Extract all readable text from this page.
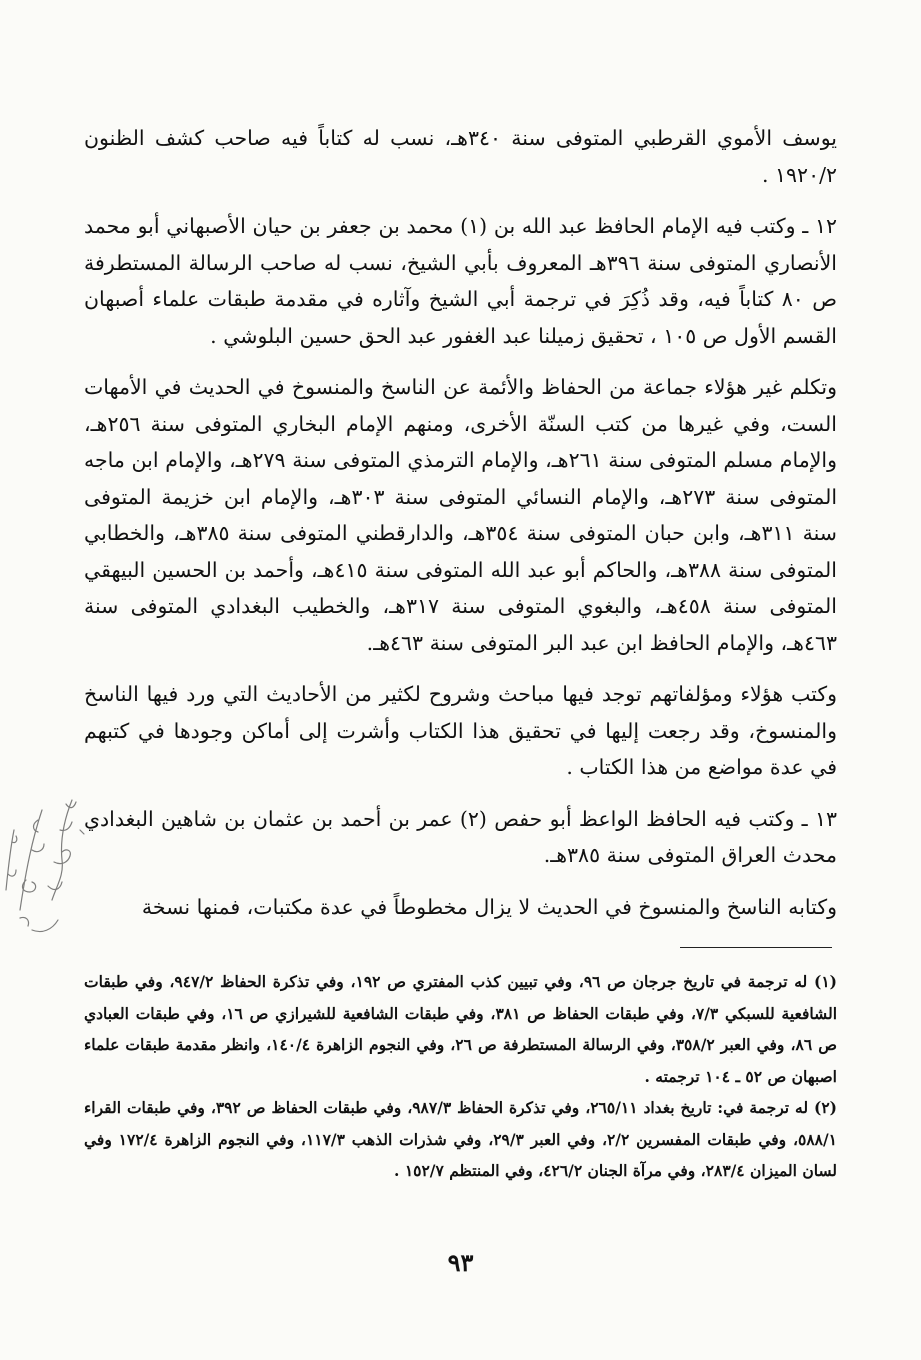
يوسف الأموي القرطبي المتوفى سنة ٣٤٠هـ، نسب له كتاباً فيه صاحب كشف الظنون ١٩٢٠/٢ .

١٢ ـ وكتب فيه الإمام الحافظ عبد الله بن (١) محمد بن جعفر بن حيان الأصبهاني أبو محمد الأنصاري المتوفى سنة ٣٩٦هـ المعروف بأبي الشيخ، نسب له صاحب الرسالة المستطرفة ص ٨٠ كتاباً فيه، وقد ذُكِرَ في ترجمة أبي الشيخ وآثاره في مقدمة طبقات علماء أصبهان القسم الأول ص ١٠٥ ، تحقيق زميلنا عبد الغفور عبد الحق حسين البلوشي .

وتكلم غير هؤلاء جماعة من الحفاظ والأئمة عن الناسخ والمنسوخ في الحديث في الأمهات الست، وفي غيرها من كتب السنّة الأخرى، ومنهم الإمام البخاري المتوفى سنة ٢٥٦هـ، والإمام مسلم المتوفى سنة ٢٦١هـ، والإمام الترمذي المتوفى سنة ٢٧٩هـ، والإمام ابن ماجه المتوفى سنة ٢٧٣هـ، والإمام النسائي المتوفى سنة ٣٠٣هـ، والإمام ابن خزيمة المتوفى سنة ٣١١هـ، وابن حبان المتوفى سنة ٣٥٤هـ، والدارقطني المتوفى سنة ٣٨٥هـ، والخطابي المتوفى سنة ٣٨٨هـ، والحاكم أبو عبد الله المتوفى سنة ٤١٥هـ، وأحمد بن الحسين البيهقي المتوفى سنة ٤٥٨هـ، والبغوي المتوفى سنة ٣١٧هـ، والخطيب البغدادي المتوفى سنة ٤٦٣هـ، والإمام الحافظ ابن عبد البر المتوفى سنة ٤٦٣هـ.

وكتب هؤلاء ومؤلفاتهم توجد فيها مباحث وشروح لكثير من الأحاديث التي ورد فيها الناسخ والمنسوخ، وقد رجعت إليها في تحقيق هذا الكتاب وأشرت إلى أماكن وجودها في كتبهم في عدة مواضع من هذا الكتاب .

١٣ ـ وكتب فيه الحافظ الواعظ أبو حفص (٢) عمر بن أحمد بن عثمان بن شاهين البغدادي محدث العراق المتوفى سنة ٣٨٥هـ.

وكتابه الناسخ والمنسوخ في الحديث لا يزال مخطوطاً في عدة مكتبات، فمنها نسخة

(١) له ترجمة في تاريخ جرجان ص ٩٦، وفي تبيين كذب المفتري ص ١٩٢، وفي تذكرة الحفاظ ٩٤٧/٢، وفي طبقات الشافعية للسبكي ٧/٣، وفي طبقات الحفاظ ص ٣٨١، وفي طبقات الشافعية للشيرازي ص ١٦، وفي طبقات العبادي ص ٨٦، وفي العبر ٣٥٨/٢، وفي الرسالة المستطرفة ص ٢٦، وفي النجوم الزاهرة ١٤٠/٤، وانظر مقدمة طبقات علماء اصبهان ص ٥٢ ـ ١٠٤ ترجمته .

(٢) له ترجمة في: تاريخ بغداد ٢٦٥/١١، وفي تذكرة الحفاظ ٩٨٧/٣، وفي طبقات الحفاظ ص ٣٩٢، وفي طبقات القراء ٥٨٨/١، وفي طبقات المفسرين ٢/٢، وفي العبر ٢٩/٣، وفي شذرات الذهب ١١٧/٣، وفي النجوم الزاهرة ١٧٢/٤ وفي لسان الميزان ٢٨٣/٤، وفي مرآة الجنان ٤٢٦/٢، وفي المنتظم ١٥٢/٧ .

٩٣
